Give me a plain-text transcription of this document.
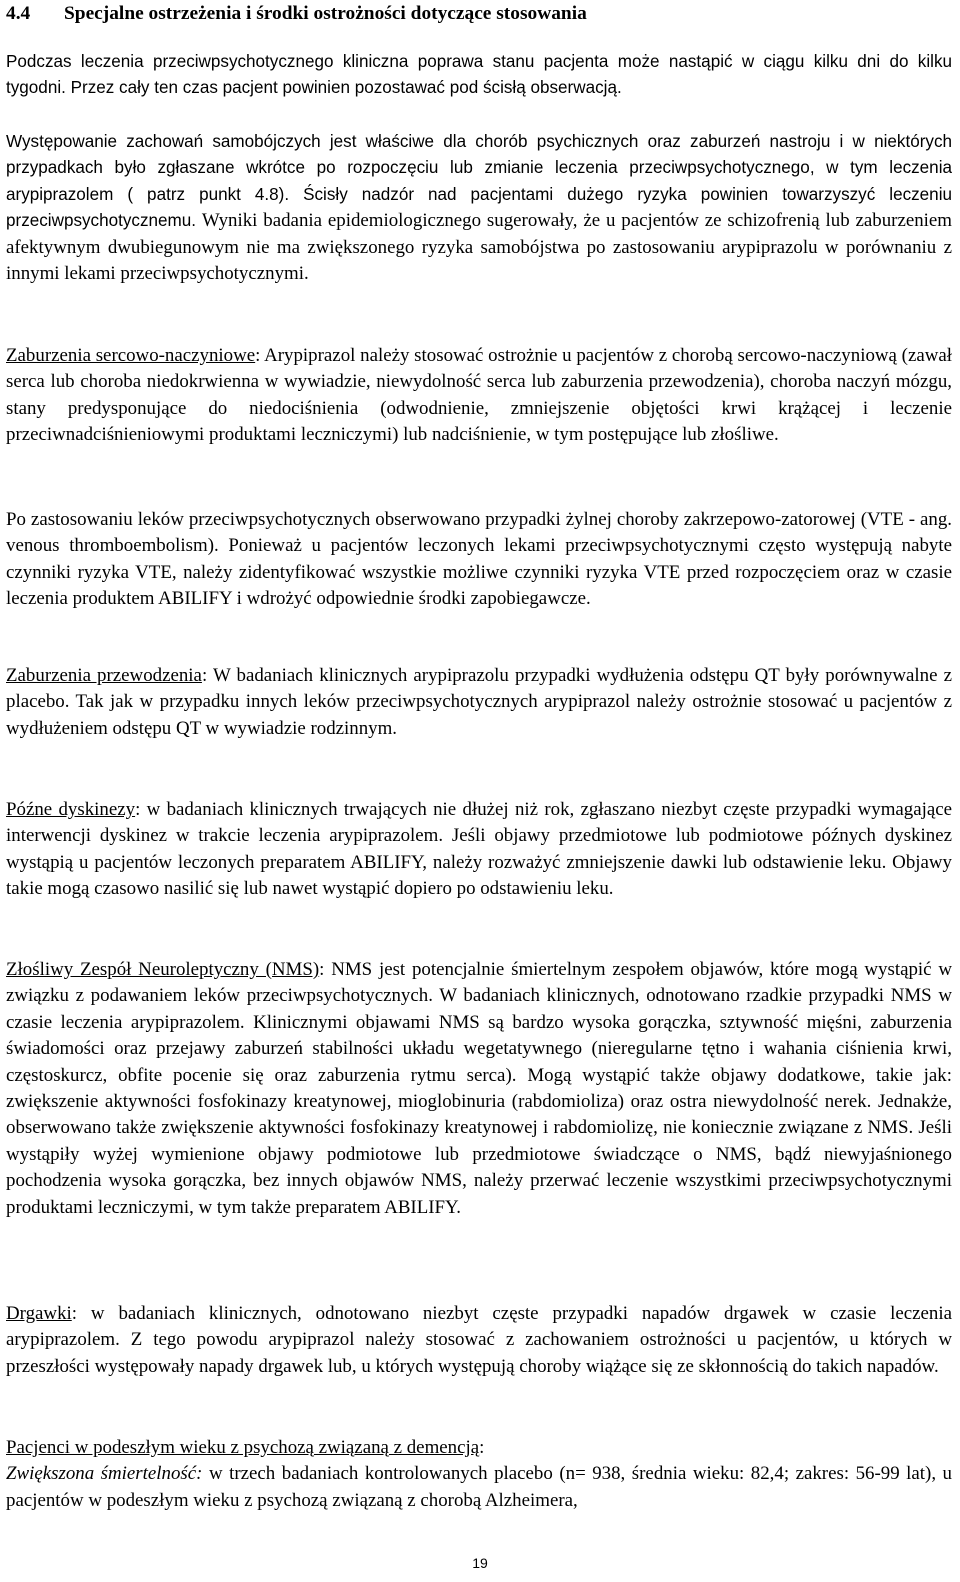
4.4 Specjalne ostrzeżenia i środki ostrożności dotyczące stosowania
Podczas leczenia przeciwpsychotycznego kliniczna poprawa stanu pacjenta może nastąpić w ciągu kilku dni do kilku tygodni. Przez cały ten czas pacjent powinien pozostawać pod ścisłą obserwacją.
Występowanie zachowań samobójczych jest właściwe dla chorób psychicznych oraz zaburzeń nastroju i w niektórych przypadkach było zgłaszane wkrótce po rozpoczęciu lub zmianie leczenia przeciwpsychotycznego, w tym leczenia arypiprazolem ( patrz punkt 4.8). Ścisły nadzór nad pacjentami dużego ryzyka powinien towarzyszyć leczeniu przeciwpsychotycznemu. Wyniki badania epidemiologicznego sugerowały, że u pacjentów ze schizofrenią lub zaburzeniem afektywnym dwubiegunowym nie ma zwiększonego ryzyka samobójstwa po zastosowaniu arypiprazolu w porównaniu z innymi lekami przeciwpsychotycznymi.
Zaburzenia sercowo-naczyniowe: Arypiprazol należy stosować ostrożnie u pacjentów z chorobą sercowo-naczyniową (zawał serca lub choroba niedokrwienna w wywiadzie, niewydolność serca lub zaburzenia przewodzenia), choroba naczyń mózgu, stany predysponujące do niedociśnienia (odwodnienie, zmniejszenie objętości krwi krążącej i leczenie przeciwnadciśnieniowymi produktami leczniczymi) lub nadciśnienie, w tym postępujące lub złośliwe.
Po zastosowaniu leków przeciwpsychotycznych obserwowano przypadki żylnej choroby zakrzepowo-zatorowej (VTE - ang. venous thromboembolism). Ponieważ u pacjentów leczonych lekami przeciwpsychotycznymi często występują nabyte czynniki ryzyka VTE, należy zidentyfikować wszystkie możliwe czynniki ryzyka VTE przed rozpoczęciem oraz w czasie leczenia produktem ABILIFY i wdrożyć odpowiednie środki zapobiegawcze.
Zaburzenia przewodzenia: W badaniach klinicznych arypiprazolu przypadki wydłużenia odstępu QT były porównywalne z placebo. Tak jak w przypadku innych leków przeciwpsychotycznych arypiprazol należy ostrożnie stosować u pacjentów z wydłużeniem odstępu QT w wywiadzie rodzinnym.
Późne dyskinezy: w badaniach klinicznych trwających nie dłużej niż rok, zgłaszano niezbyt częste przypadki wymagające interwencji dyskinez w trakcie leczenia arypiprazolem. Jeśli objawy przedmiotowe lub podmiotowe późnych dyskinez wystąpią u pacjentów leczonych preparatem ABILIFY, należy rozważyć zmniejszenie dawki lub odstawienie leku. Objawy takie mogą czasowo nasilić się lub nawet wystąpić dopiero po odstawieniu leku.
Złośliwy Zespół Neuroleptyczny (NMS): NMS jest potencjalnie śmiertelnym zespołem objawów, które mogą wystąpić w związku z podawaniem leków przeciwpsychotycznych. W badaniach klinicznych, odnotowano rzadkie przypadki NMS w czasie leczenia arypiprazolem. Klinicznymi objawami NMS są bardzo wysoka gorączka, sztywność mięśni, zaburzenia świadomości oraz przejawy zaburzeń stabilności układu wegetatywnego (nieregularne tętno i wahania ciśnienia krwi, częstoskurcz, obfite pocenie się oraz zaburzenia rytmu serca). Mogą wystąpić także objawy dodatkowe, takie jak: zwiększenie aktywności fosfokinazy kreatynowej, mioglobinuria (rabdomioliza) oraz ostra niewydolność nerek. Jednakże, obserwowano także zwiększenie aktywności fosfokinazy kreatynowej i rabdomiolizę, nie koniecznie związane z NMS. Jeśli wystąpiły wyżej wymienione objawy podmiotowe lub przedmiotowe świadczące o NMS, bądź niewyjaśnionego pochodzenia wysoka gorączka, bez innych objawów NMS, należy przerwać leczenie wszystkimi przeciwpsychotycznymi produktami leczniczymi, w tym także preparatem ABILIFY.
Drgawki: w badaniach klinicznych, odnotowano niezbyt częste przypadki napadów drgawek w czasie leczenia arypiprazolem. Z tego powodu arypiprazol należy stosować z zachowaniem ostrożności u pacjentów, u których w przeszłości występowały napady drgawek lub, u których występują choroby wiążące się ze skłonnością do takich napadów.
Pacjenci w podeszłym wieku z psychozą związaną z demencją:
Zwiększona śmiertelność: w trzech badaniach kontrolowanych placebo (n= 938, średnia wieku: 82,4; zakres: 56-99 lat), u pacjentów w podeszłym wieku z psychozą związaną z chorobą Alzheimera,
19
